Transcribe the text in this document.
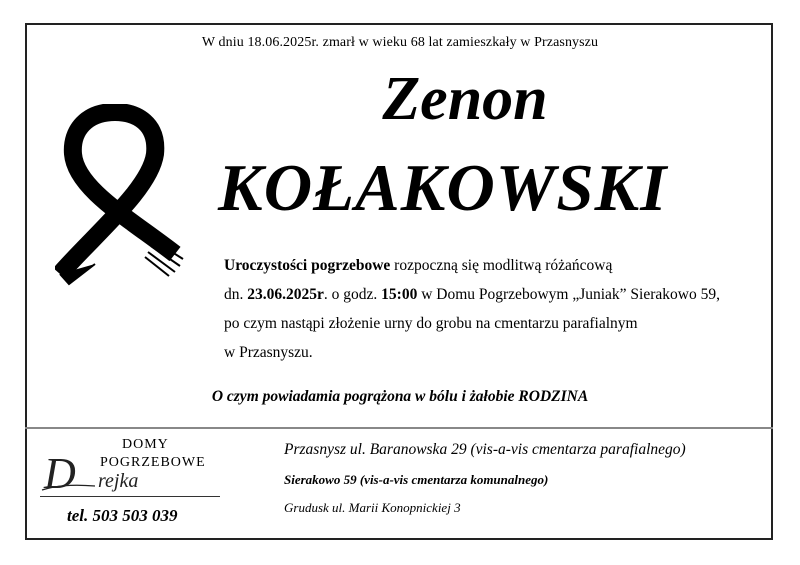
W dniu 18.06.2025r. zmarł w wieku 68 lat zamieszkały w Przasnyszu
Zenon
KOŁAKOWSKI

Uroczystości pogrzebowe rozpoczną się modlitwą różańcową

dn. 23.06.2025r. o godz. 15:00 w Domu Pogrzebowym „Juniak” Sierakowo 59,

po czym nastąpi złożenie urny do grobu na cmentarzu parafialnym

w Przasnyszu.

O czym powiadamia pogrążona w bólu i żałobie RODZINA
D
DOMY
POGRZEBOWE
rejka
tel. 503 503 039
Przasnysz ul. Baranowska 29 (vis-a-vis cmentarza parafialnego)
Sierakowo 59 (vis-a-vis cmentarza komunalnego)
Grudusk ul. Marii Konopnickiej 3
